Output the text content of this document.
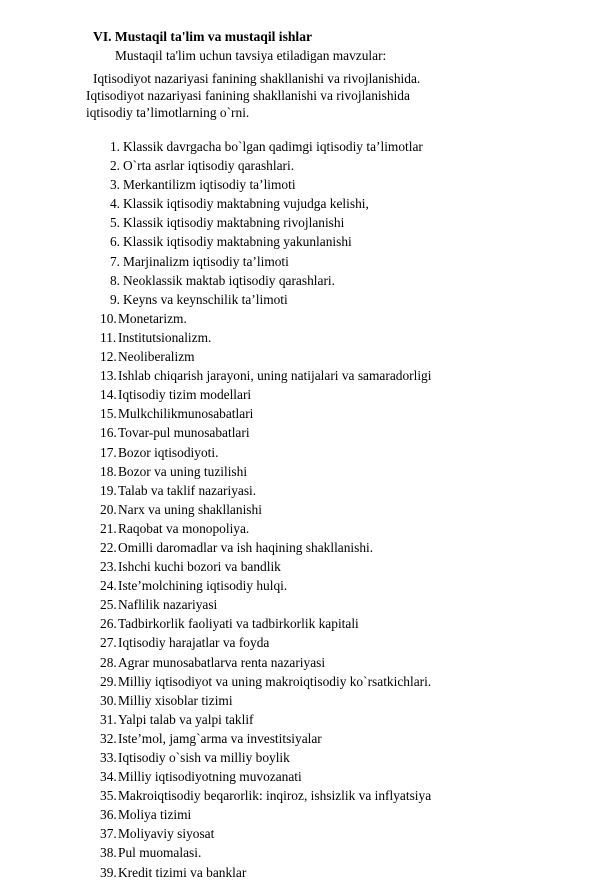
VI. Mustaqil ta'lim va mustaqil ishlar
Mustaqil ta'lim uchun tavsiya etiladigan mavzular:
Iqtisodiyot nazariyasi fanining shakllanishi va rivojlanishida.
Iqtisodiyot nazariyasi fanining shakllanishi va rivojlanishida
iqtisodiy ta’limotlarning o`rni.
1. Klassik davrgacha bo`lgan qadimgi iqtisodiy ta’limotlar
2. O`rta asrlar iqtisodiy qarashlari.
3. Merkantilizm iqtisodiy ta’limoti
4. Klassik iqtisodiy maktabning vujudga kelishi,
5. Klassik iqtisodiy maktabning rivojlanishi
6. Klassik iqtisodiy maktabning yakunlanishi
7. Marjinalizm iqtisodiy ta’limoti
8. Neoklassik maktab iqtisodiy qarashlari.
9. Keyns va keynschilik ta’limoti
10. Monetarizm.
11. Institutsionalizm.
12. Neoliberalizm
13. Ishlab chiqarish jarayoni, uning natijalari va samaradorligi
14. Iqtisodiy tizim modellari
15. Mulkchilikmunosabatlari
16. Tovar-pul munosabatlari
17. Bozor iqtisodiyoti.
18. Bozor va uning tuzilishi
19. Talab va taklif nazariyasi.
20. Narx va uning shakllanishi
21. Raqobat va monopoliya.
22. Omilli daromadlar va ish haqining shakllanishi.
23. Ishchi kuchi bozori va bandlik
24. Iste’molchining iqtisodiy hulqi.
25. Naflilik nazariyasi
26. Tadbirkorlik faoliyati va tadbirkorlik kapitali
27. Iqtisodiy harajatlar va foyda
28. Agrar munosabatlarva renta nazariyasi
29. Milliy iqtisodiyot va uning makroiqtisodiy ko`rsatkichlari.
30. Milliy xisoblar tizimi
31. Yalpi talab va yalpi taklif
32. Iste’mol, jamg`arma va investitsiyalar
33. Iqtisodiy o`sish va milliy boylik
34. Milliy iqtisodiyotning muvozanati
35. Makroiqtisodiy beqarorlik: inqiroz, ishsizlik va inflyatsiya
36. Moliya tizimi
37. Moliyaviy siyosat
38. Pul muomalasi.
39. Kredit tizimi va banklar
